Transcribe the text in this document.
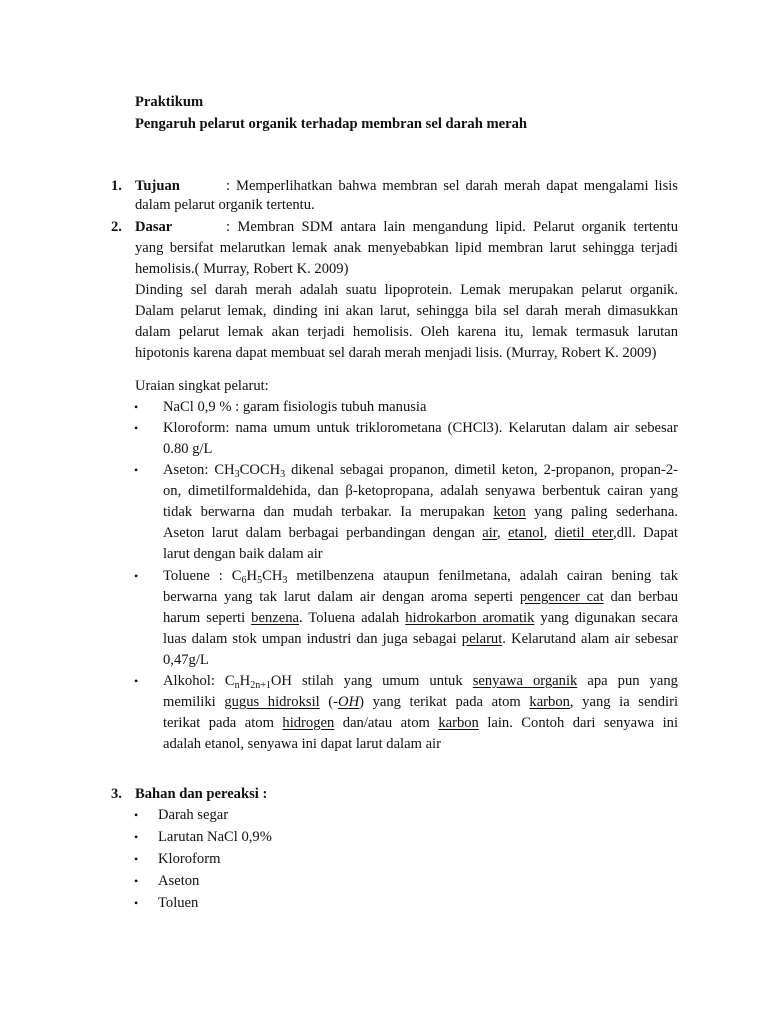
Praktikum
Pengaruh pelarut organik terhadap membran sel darah merah
1. Tujuan	: Memperlihatkan bahwa membran sel darah merah dapat mengalami lisis
dalam pelarut organik tertentu.
2. Dasar	: Membran SDM antara lain mengandung lipid. Pelarut organik tertentu
yang bersifat melarutkan lemak anak menyebabkan lipid membran larut sehingga terjadi
hemolisis.( Murray, Robert K. 2009)
Dinding sel darah merah adalah suatu lipoprotein. Lemak merupakan pelarut organik.
Dalam pelarut lemak, dinding ini akan larut, sehingga bila sel darah merah dimasukkan
dalam pelarut lemak akan terjadi hemolisis. Oleh karena itu, lemak termasuk larutan
hipotonis karena dapat membuat sel darah merah menjadi lisis. (Murray, Robert K. 2009)
Uraian singkat pelarut:
•	NaCl 0,9 % : garam fisiologis tubuh manusia
•	Kloroform: nama umum untuk triklorometana (CHCl3). Kelarutan dalam air sebesar
0.80 g/L
•	Aseton: $CH_3COCH_3$ dikenal sebagai propanon, dimetil keton, 2-propanon, propan-2-
on, dimetilformaldehida, dan β-ketopropana, adalah senyawa berbentuk cairan yang
tidak berwarna dan mudah terbakar. Ia merupakan keton yang paling sederhana.
Aseton larut dalam berbagai perbandingan dengan air, etanol, dietil eter,dll. Dapat
larut dengan baik dalam air
•	Toluene : $C_6H_5CH_3$ metilbenzena ataupun fenilmetana, adalah cairan bening tak
berwarna yang tak larut dalam air dengan aroma seperti pengencer cat dan berbau
harum seperti benzena. Toluena adalah hidrokarbon aromatik yang digunakan secara
luas dalam stok umpan industri dan juga sebagai pelarut. Kelarutand alam air sebesar
0,47g/L
•	Alkohol: $C_nH_{2n+1}OH$ stilah yang umum untuk senyawa organik apa pun yang
memiliki gugus hidroksil (-OH) yang terikat pada atom karbon, yang ia sendiri
terikat pada atom hidrogen dan/atau atom karbon lain. Contoh dari senyawa ini
adalah etanol, senyawa ini dapat larut dalam air
3. Bahan dan pereaksi :
•	Darah segar
•	Larutan NaCl 0,9%
•	Kloroform
•	Aseton
•	Toluen
